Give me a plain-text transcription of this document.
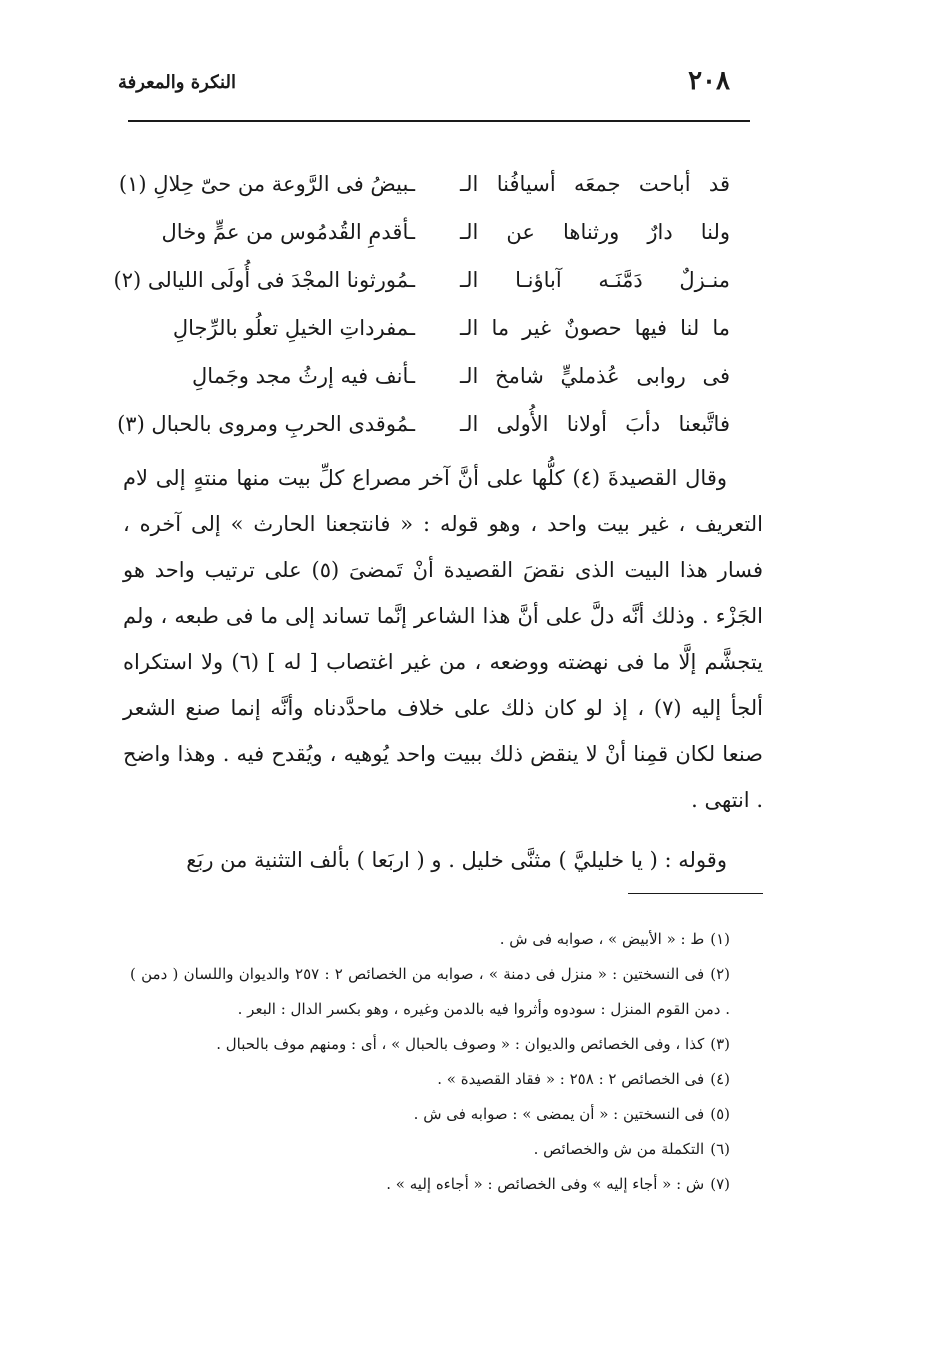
٢٠٨
النكرة والمعرفة
قد أباحت جمعَه أسيافُنا الـ
ـبيضُ فى الرَّوعة من حىّ حِلالِ (١)
ولنا دارٌ ورثناها عن الـ
ـأقدمِ القُدمُوس من عمٍّ وخال
منـزلٌ دَمَّنَـه آباؤنـا الـ
ـمُورثونا المجْدَ فى أُولَى الليالى (٢)
ما لنا فيها حصونٌ غير ما الـ
ـمفرداتِ الخيلِ تعلُو بالرِّجالِ
فى روابى عُذمليٍّ شامخ الـ
ـأنف فيه إرثُ مجد وجَمالِ
فاتَّبعنا دأبَ أولانا الأُولى الـ
ـمُوقدى الحربِ ومروى بالحبال (٣)

وقال القصيدةَ (٤) كلُّها على أنَّ آخر مصراع كلِّ بيت منها منتهٍ إلى لام التعريف ، غير بيت واحد ، وهو قوله : « فانتجعنا الحارث » إلى آخره ، فسار هذا البيت الذى نقضَ القصيدة أنْ تَمضىَ (٥) على ترتيب واحد هو الجَزْء . وذلك أنَّه دلَّ على أنَّ هذا الشاعر إنَّما تساند إلى ما فى طبعه ، ولم يتجشَّم إلَّا ما فى نهضته ووضعه ، من غير اغتصاب [ له ] (٦) ولا استكراه ألجأ إليه (٧) ، إذ لو كان ذلك على خلاف ماحدَّدناه وأنَّه إنما صنع الشعر صنعا لكان قمِنا أنْ لا ينقض ذلك ببيت واحد يُوهيه ، ويُقدح فيه . وهذا واضح . انتهى .

وقوله : ( يا خليليَّ ) مثنَّى خليل . و ( اربَعا ) بألف التثنية من ربَع

(١)ط : « الأبيض » ، صوابه فى ش .

(٢)فى النسختين : « منزل فى دمنة » ، صوابه من الخصائص ٢ : ٢٥٧ والديوان واللسان ( دمن ) . دمن القوم المنزل : سودوه وأثروا فيه بالدمن وغيره ، وهو بكسر الدال : البعر .

(٣)كذا ، وفى الخصائص والديوان : « وصوف بالحبال » ، أى : ومنهم موف بالحبال .

(٤)فى الخصائص ٢ : ٢٥٨ : « فقاد القصيدة » .

(٥)فى النسختين : « أن يمضى » : صوابه فى ش .

(٦)التكملة من ش والخصائص .

(٧)ش : « أجاء إليه » وفى الخصائص : « أجاءه إليه » .
